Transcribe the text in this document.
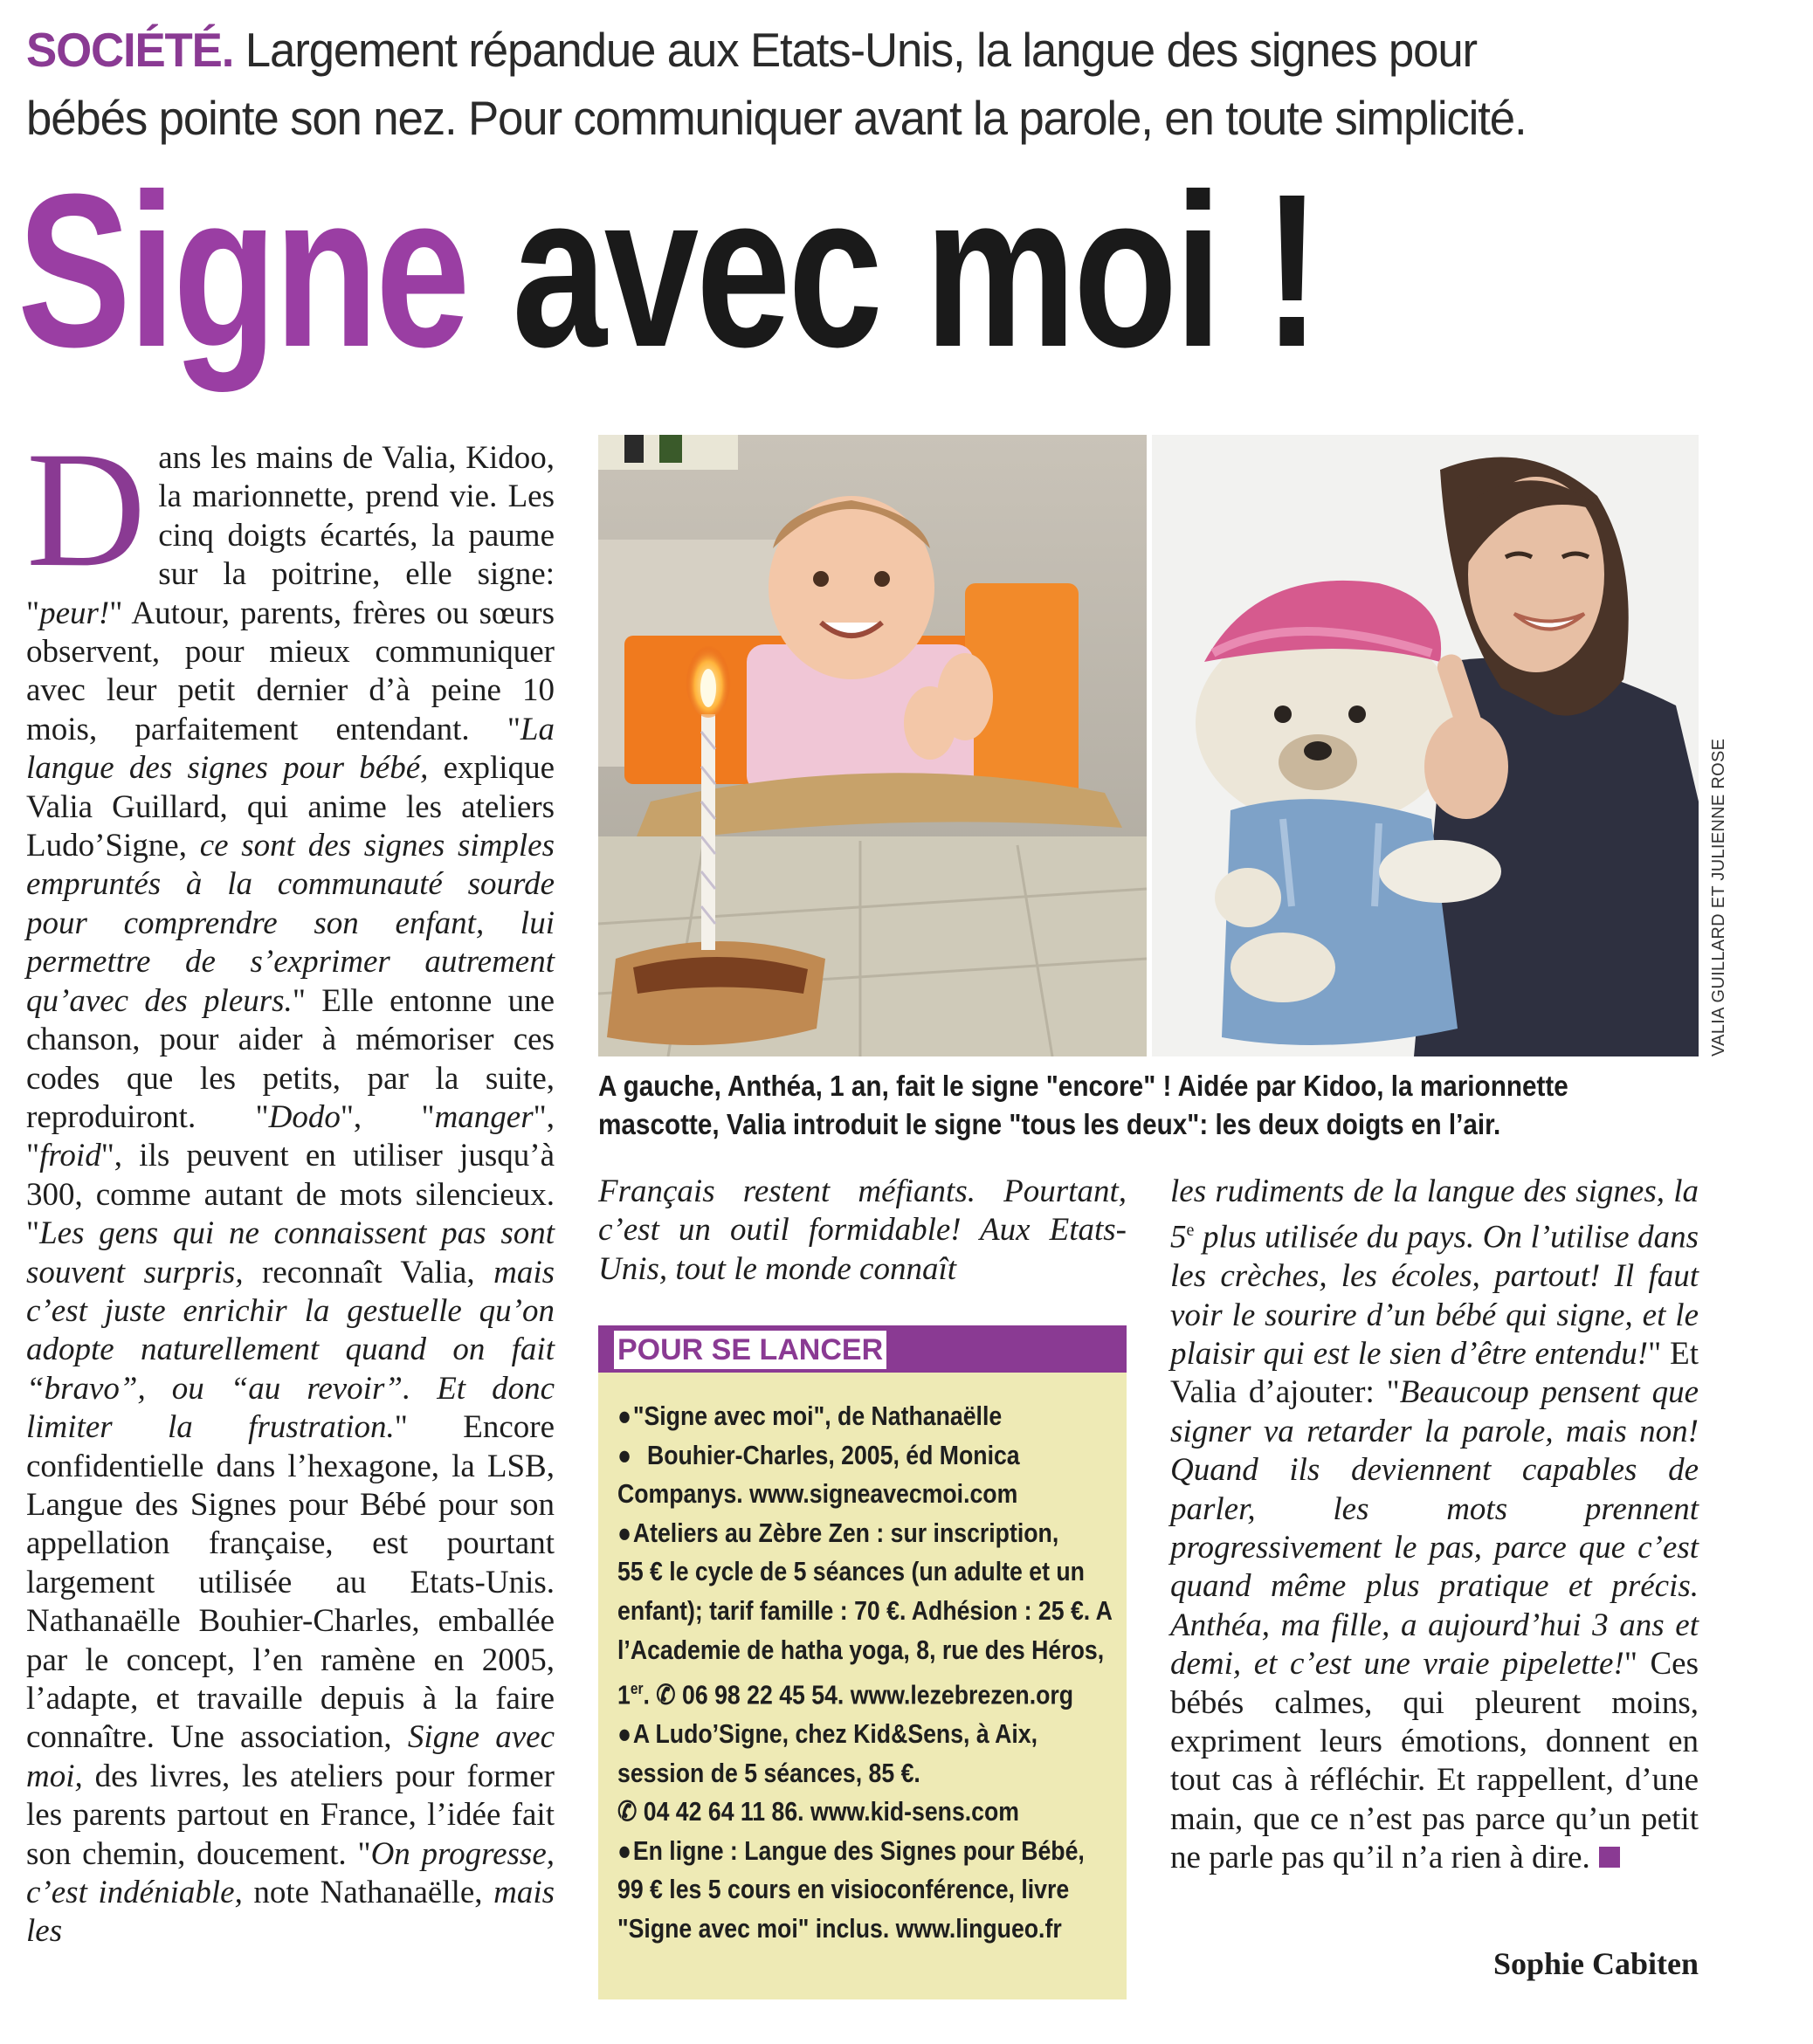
SOCIÉTÉ. Largement répandue aux Etats-Unis, la langue des signes pour
bébés pointe son nez. Pour communiquer avant la parole, en toute simplicité.
Signe avec moi !

Dans les mains de Valia, Kidoo, la marionnette, prend vie. Les cinq doigts écartés, la paume sur la poitrine, elle signe: "peur!" Autour, parents, frères ou sœurs observent, pour mieux communiquer avec leur petit dernier d’à peine 10 mois, parfaitement entendant. "La langue des signes pour bébé, explique Valia Guillard, qui anime les ateliers Ludo’Signe, ce sont des signes simples empruntés à la communauté sourde pour comprendre son enfant, lui permettre de s’exprimer autrement qu’avec des pleurs." Elle entonne une chanson, pour aider à mémoriser ces codes que les petits, par la suite, reproduiront. "Dodo", "manger", "froid", ils peuvent en utiliser jusqu’à 300, comme autant de mots silencieux. "Les gens qui ne connaissent pas sont souvent surpris, reconnaît Valia, mais c’est juste enrichir la gestuelle qu’on adopte naturellement quand on fait “bravo”, ou “au revoir”. Et donc limiter la frustration." Encore confidentielle dans l’hexagone, la LSB, Langue des Signes pour Bébé pour son appellation française, est pourtant largement utilisée au Etats-Unis. Nathanaëlle Bouhier-Charles, emballée par le concept, l’en ramène en 2005, l’adapte, et travaille depuis à la faire connaître. Une association, Signe avec moi, des livres, les ateliers pour former les parents partout en France, l’idée fait son chemin, doucement. "On progresse, c’est indéniable, note Nathanaëlle, mais les

VALIA GUILLARD ET JULIENNE ROSE
A gauche, Anthéa, 1 an, fait le signe "encore" ! Aidée par Kidoo, la marionnette
mascotte, Valia introduit le signe "tous les deux": les deux doigts en l’air.

Français restent méfiants. Pourtant, c’est un outil formidable! Aux Etats-Unis, tout le monde connaît

POUR SE LANCER
● "Signe avec moi", de Nathanaëlle
● Bouhier-Charles, 2005, éd Monica
Companys. www.signeavecmoi.com
● Ateliers au Zèbre Zen : sur inscription,
55 € le cycle de 5 séances (un adulte et un
enfant); tarif famille : 70 €. Adhésion : 25 €. A
l’Academie de hatha yoga, 8, rue des Héros,
1er. ✆ 06 98 22 45 54. www.lezebrezen.org
● A Ludo’Signe, chez Kid&Sens, à Aix,
session de 5 séances, 85 €.
✆ 04 42 64 11 86. www.kid-sens.com
● En ligne : Langue des Signes pour Bébé,
99 € les 5 cours en visioconférence, livre
"Signe avec moi" inclus. www.lingueo.fr

les rudiments de la langue des signes, la 5e plus utilisée du pays. On l’utilise dans les crèches, les écoles, partout! Il faut voir le sourire d’un bébé qui signe, et le plaisir qui est le sien d’être entendu!" Et Valia d’ajouter: "Beaucoup pensent que signer va retarder la parole, mais non! Quand ils deviennent capables de parler, les mots prennent progressivement le pas, parce que c’est quand même plus pratique et précis. Anthéa, ma fille, a aujourd’hui 3 ans et demi, et c’est une vraie pipelette!" Ces bébés calmes, qui pleurent moins, expriment leurs émotions, donnent en tout cas à réfléchir. Et rappellent, d’une main, que ce n’est pas parce qu’un petit ne parle pas qu’il n’a rien à dire.

Sophie Cabiten
